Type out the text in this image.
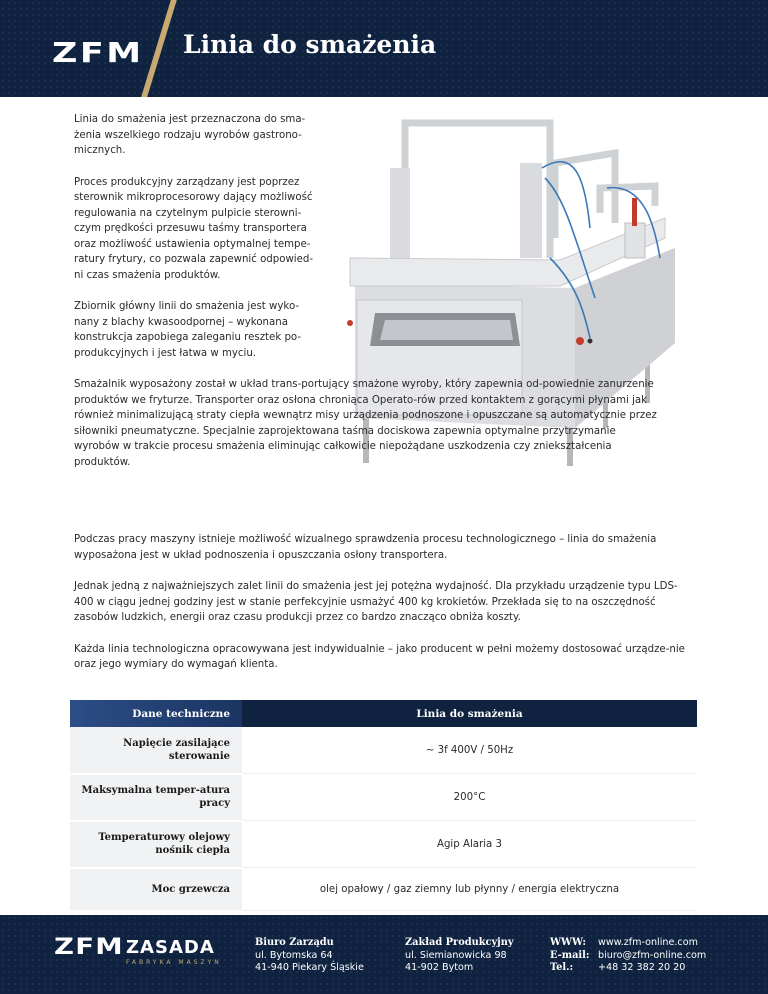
ZFM Linia do smażenia

Linia do smażenia jest przeznaczona do sma-żenia wszelkiego rodzaju wyrobów gastrono-micznych.

Proces produkcyjny zarządzany jest poprzez sterownik mikroprocesorowy dający możliwość regulowania na czytelnym pulpicie sterowni-czym prędkości przesuwu taśmy transportera oraz możliwość ustawienia optymalnej tempe-ratury frytury, co pozwala zapewnić odpowied-ni czas smażenia produktów.

Zbiornik główny linii do smażenia jest wyko-nany z blachy kwasoodpornej – wykonana konstrukcja zapobiega zaleganiu resztek po-produkcyjnych i jest łatwa w myciu.

Smażalnik wyposażony został w układ trans-portujący smażone wyroby, który zapewnia od-powiednie zanurzenie produktów we fryturze. Transporter oraz osłona chroniąca Operato-rów przed kontaktem z gorącymi płynami jak również minimalizującą straty ciepła wewnątrz misy urządzenia podnoszone i opuszczane są automatycznie przez siłowniki pneumatyczne. Specjalnie zaprojektowana taśma dociskowa zapewnia optymalne przytrzymanie wyrobów w trakcie procesu smażenia eliminując całkowicie niepożądane uszkodzenia czy zniekształcenia produktów.

Podczas pracy maszyny istnieje możliwość wizualnego sprawdzenia procesu technologicznego – linia do smażenia wyposażona jest w układ podnoszenia i opuszczania osłony transportera.

Jednak jedną z najważniejszych zalet linii do smażenia jest jej potężna wydajność. Dla przykładu urządzenie typu LDS-400 w ciągu jednej godziny jest w stanie perfekcyjnie usmażyć 400 kg krokietów. Przekłada się to na oszczędność zasobów ludzkich, energii oraz czasu produkcji przez co bardzo znacząco obniża koszty.

Każda linia technologiczna opracowywana jest indywidualnie – jako producent w pełni możemy dostosować urządze-nie oraz jego wymiary do wymagań klienta.

Dane techniczne	Linia do smażenia
Napięcie zasilające sterowanie	~ 3f 400V / 50Hz
Maksymalna temper-atura pracy	200°C
Temperaturowy olejowy nośnik ciepła	Agip Alaria 3
Moc grzewcza	olej opałowy / gaz ziemny lub płynny / energia elektryczna
ZFM ZASADA
FABRYKA MASZYN
Biuro Zarządu
ul. Bytomska 64
41-940 Piekary Śląskie
Zakład Produkcyjny
ul. Siemianowicka 98
41-902 Bytom
WWW:
E-mail:
Tel.:
www.zfm-online.com
biuro@zfm-online.com
+48 32 382 20 20
